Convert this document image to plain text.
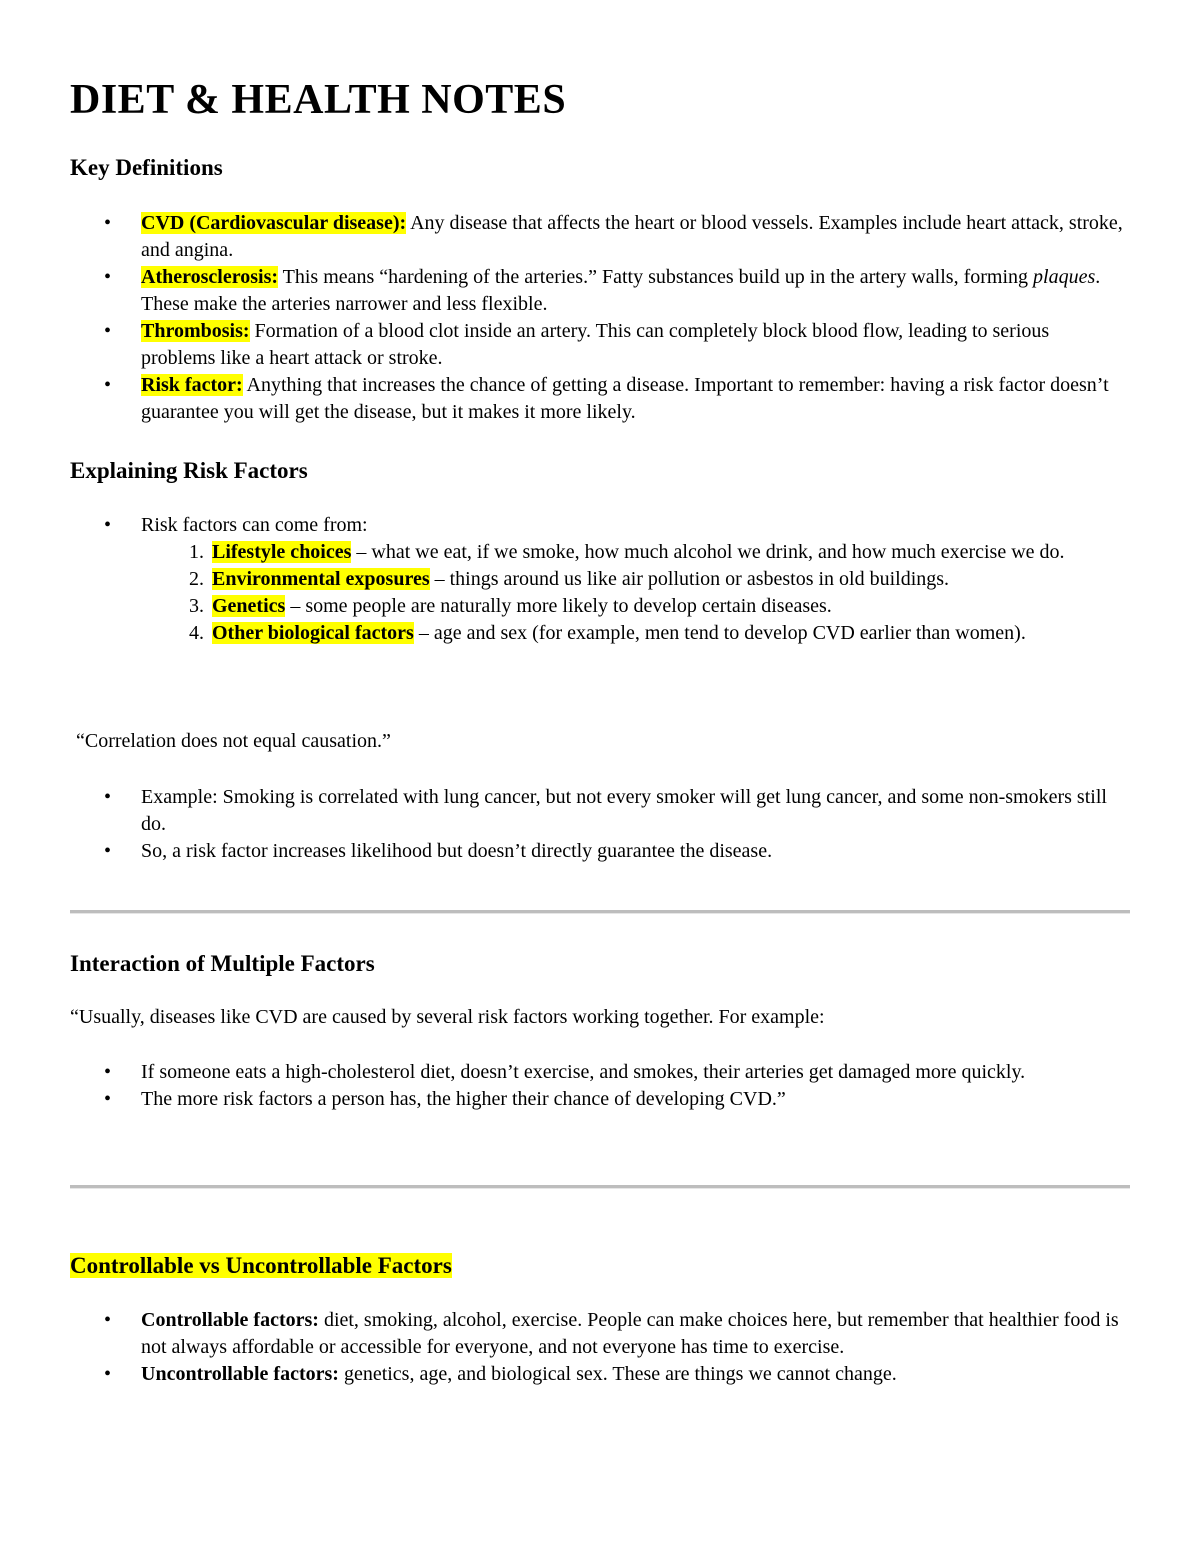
DIET & HEALTH NOTES
Key Definitions
• CVD (Cardiovascular disease): Any disease that affects the heart or blood vessels. Examples include heart attack, stroke, and angina.
• Atherosclerosis: This means “hardening of the arteries.” Fatty substances build up in the artery walls, forming plaques. These make the arteries narrower and less flexible.
• Thrombosis: Formation of a blood clot inside an artery. This can completely block blood flow, leading to serious problems like a heart attack or stroke.
• Risk factor: Anything that increases the chance of getting a disease. Important to remember: having a risk factor doesn’t guarantee you will get the disease, but it makes it more likely.
Explaining Risk Factors
• Risk factors can come from:
1. Lifestyle choices – what we eat, if we smoke, how much alcohol we drink, and how much exercise we do.
2. Environmental exposures – things around us like air pollution or asbestos in old buildings.
3. Genetics – some people are naturally more likely to develop certain diseases.
4. Other biological factors – age and sex (for example, men tend to develop CVD earlier than women).

“Correlation does not equal causation.”

• Example: Smoking is correlated with lung cancer, but not every smoker will get lung cancer, and some non-smokers still do.
• So, a risk factor increases likelihood but doesn’t directly guarantee the disease.
Interaction of Multiple Factors

“Usually, diseases like CVD are caused by several risk factors working together. For example:

• If someone eats a high-cholesterol diet, doesn’t exercise, and smokes, their arteries get damaged more quickly.
• The more risk factors a person has, the higher their chance of developing CVD.”
Controllable vs Uncontrollable Factors
• Controllable factors: diet, smoking, alcohol, exercise. People can make choices here, but remember that healthier food is not always affordable or accessible for everyone, and not everyone has time to exercise.
• Uncontrollable factors: genetics, age, and biological sex. These are things we cannot change.
